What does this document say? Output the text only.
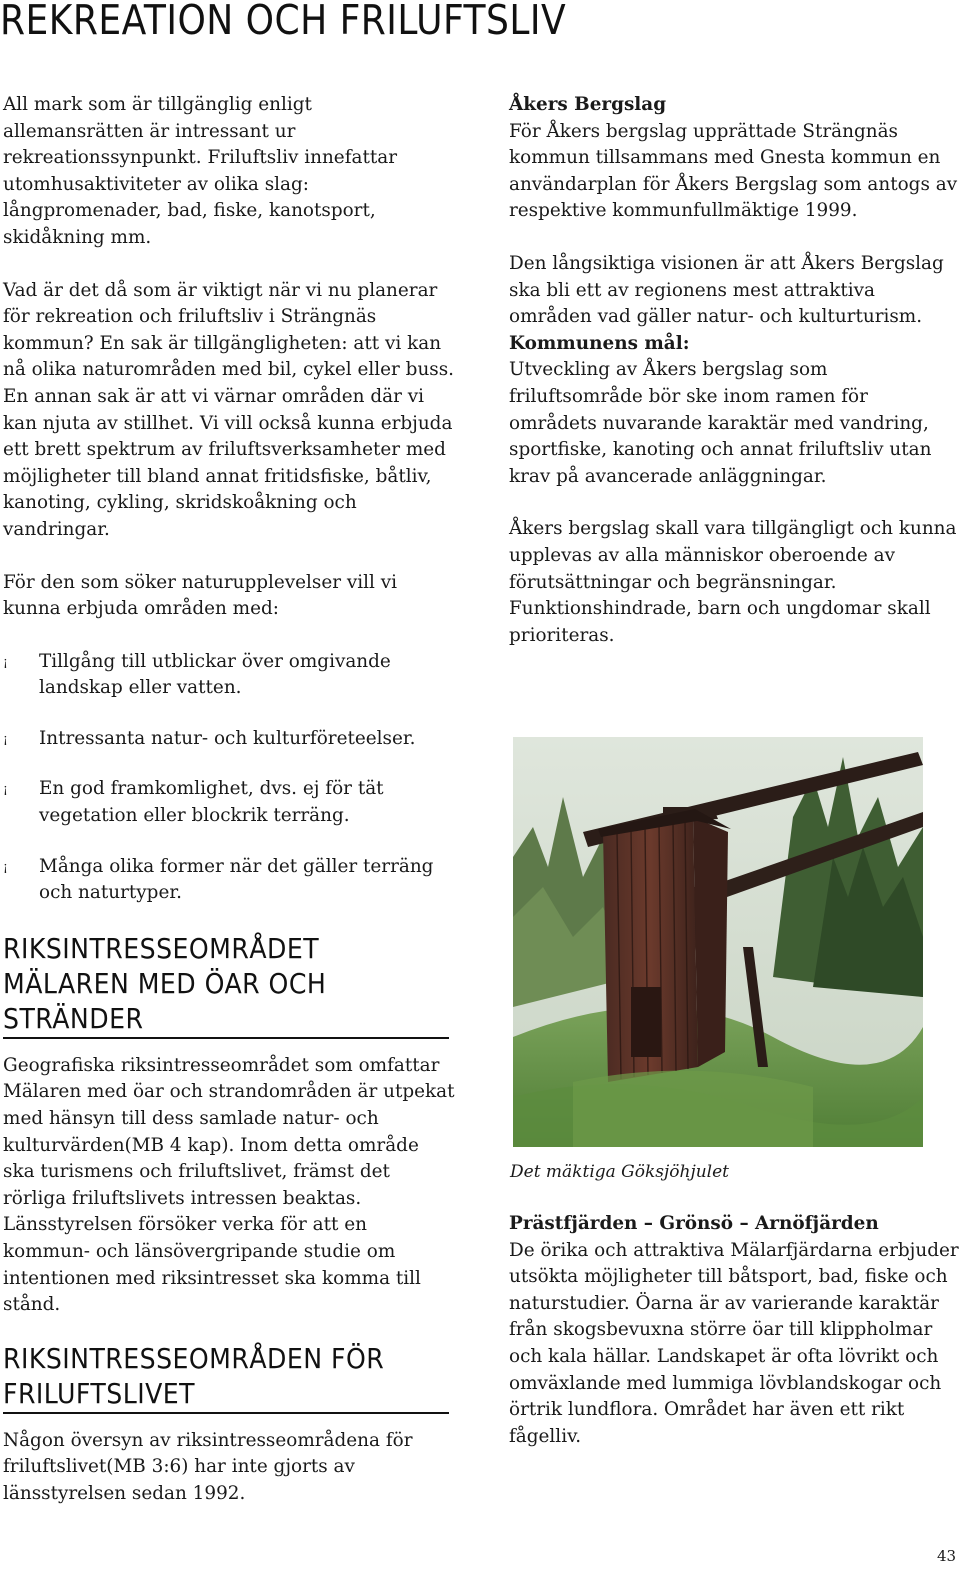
REKREATION OCH FRILUFTSLIV

All mark som är tillgänglig enligt allemansrätten är intressant ur rekreationssynpunkt. Friluftsliv innefattar utomhusaktiviteter av olika slag: långpromenader, bad, fiske, kanotsport, skidåkning mm.

Vad är det då som är viktigt när vi nu planerar för rekreation och friluftsliv i Strängnäs kommun? En sak är tillgängligheten: att vi kan nå olika naturområden med bil, cykel eller buss. En annan sak är att vi värnar områden där vi kan njuta av stillhet. Vi vill också kunna erbjuda ett brett spektrum av friluftsverksamheter med möjligheter till bland annat fritidsfiske, båtliv, kanoting, cykling, skridskoåkning och vandringar.

För den som söker naturupplevelser vill vi kunna erbjuda områden med:

¡ Tillgång till utblickar över omgivande landskap eller vatten.
¡ Intressanta natur- och kulturföreteelser.
¡ En god framkomlighet, dvs. ej för tät vegetation eller blockrik terräng.
¡ Många olika former när det gäller terräng och naturtyper.
RIKSINTRESSEOMRÅDET MÄLAREN MED ÖAR OCH STRÄNDER

Geografiska riksintresseområdet som omfattar Mälaren med öar och strandområden är utpekat med hänsyn till dess samlade natur- och kulturvärden(MB 4 kap). Inom detta område ska turismens och friluftslivet, främst det rörliga friluftslivets intressen beaktas. Länsstyrelsen försöker verka för att en kommun- och länsövergripande studie om intentionen med riksintresset ska komma till stånd.

RIKSINTRESSEOMRÅDEN FÖR FRILUFTSLIVET

Någon översyn av riksintresseområdena för friluftslivet(MB 3:6) har inte gjorts av länsstyrelsen sedan 1992.

Åkers Bergslag

För Åkers bergslag upprättade Strängnäs kommun tillsammans med Gnesta kommun en användarplan för Åkers Bergslag som antogs av respektive kommunfullmäktige 1999.

Den långsiktiga visionen är att Åkers Bergslag ska bli ett av regionens mest attraktiva områden vad gäller natur- och kulturturism.

Kommunens mål:

Utveckling av Åkers bergslag som friluftsområde bör ske inom ramen för områdets nuvarande karaktär med vandring, sportfiske, kanoting och annat friluftsliv utan krav på avancerade anläggningar.

Åkers bergslag skall vara tillgängligt och kunna upplevas av alla människor oberoende av förutsättningar och begränsningar. Funktionshindrade, barn och ungdomar skall prioriteras.

Det mäktiga Göksjöhjulet

Prästfjärden – Grönsö – Arnöfjärden

De örika och attraktiva Mälarfjärdarna erbjuder utsökta möjligheter till båtsport, bad, fiske och naturstudier. Öarna är av varierande karaktär från skogsbevuxna större öar till klippholmar och kala hällar. Landskapet är ofta lövrikt och omväxlande med lummiga lövblandskogar och örtrik lundflora. Området har även ett rikt fågelliv.

43
